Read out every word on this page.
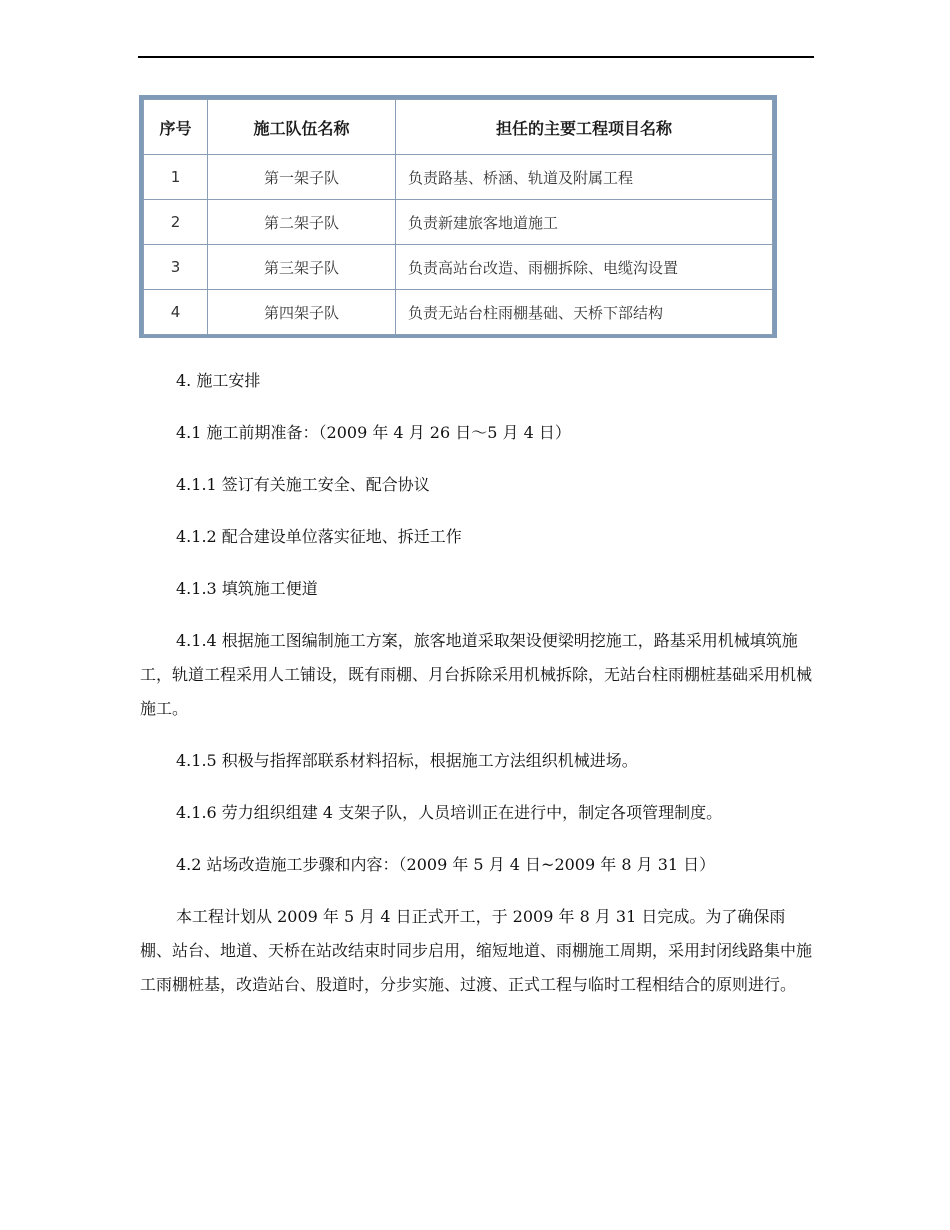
序号	施工队伍名称	担任的主要工程项目名称
1	第一架子队	负责路基、桥涵、轨道及附属工程
2	第二架子队	负责新建旅客地道施工
3	第三架子队	负责高站台改造、雨棚拆除、电缆沟设置
4	第四架子队	负责无站台柱雨棚基础、天桥下部结构

4. 施工安排

4.1 施工前期准备：（2009 年 4 月 26 日～5 月 4 日）

4.1.1 签订有关施工安全、配合协议

4.1.2 配合建设单位落实征地、拆迁工作

4.1.3 填筑施工便道

4.1.4 根据施工图编制施工方案，旅客地道采取架设便梁明挖施工，路基采用机械填筑施工，轨道工程采用人工铺设，既有雨棚、月台拆除采用机械拆除，无站台柱雨棚桩基础采用机械施工。

4.1.5 积极与指挥部联系材料招标，根据施工方法组织机械进场。

4.1.6 劳力组织组建 4 支架子队，人员培训正在进行中，制定各项管理制度。

4.2 站场改造施工步骤和内容：（2009 年 5 月 4 日~2009 年 8 月 31 日）

本工程计划从 2009 年 5 月 4 日正式开工，于 2009 年 8 月 31 日完成。为了确保雨棚、站台、地道、天桥在站改结束时同步启用，缩短地道、雨棚施工周期，采用封闭线路集中施工雨棚桩基，改造站台、股道时，分步实施、过渡、正式工程与临时工程相结合的原则进行。
